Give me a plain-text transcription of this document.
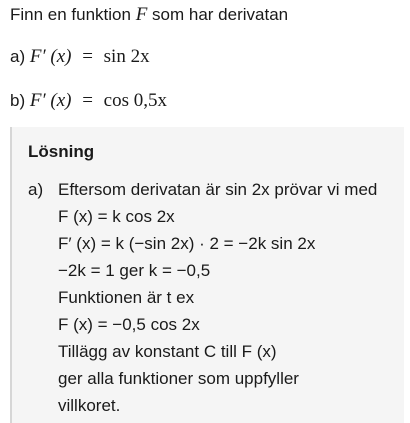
Finn en funktion F som har derivatan
a) F′ (x) = sin 2x
b) F′ (x) = cos 0,5x
Lösning
a) Eftersom derivatan är sin 2x prövar vi med
F (x) = k cos 2x
F′ (x) = k (−sin 2x) · 2 = −2k sin 2x
−2k = 1 ger k = −0,5
Funktionen är t ex
F (x) = −0,5 cos 2x
Tillägg av konstant C till F (x)
ger alla funktioner som uppfyller
villkoret.
